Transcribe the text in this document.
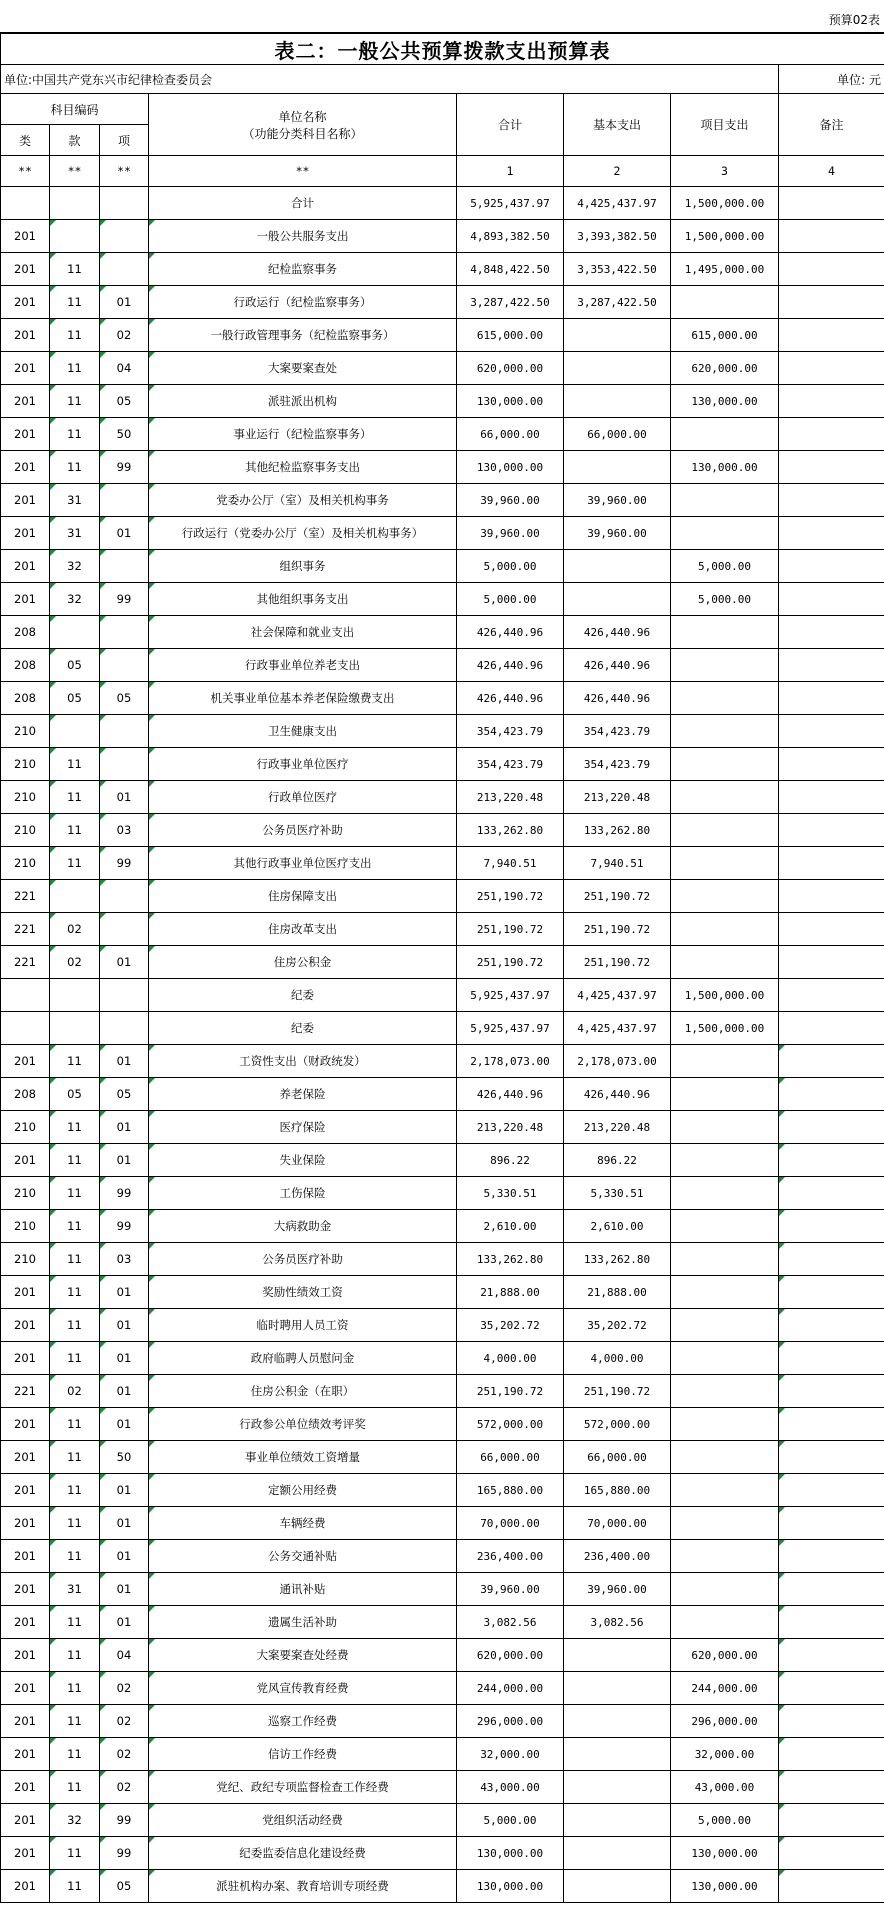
预算02表
表二：一般公共预算拨款支出预算表							
单位:中国共产党东兴市纪律检查委员会							单位: 元
科目编码			单位名称
（功能分类科目名称）	合计	基本支出	项目支出	备注
类	款	项					
**	**	**	**	1	2	3	4
			合计	5,925,437.97	4,425,437.97	1,500,000.00	
201			一般公共服务支出	4,893,382.50	3,393,382.50	1,500,000.00	
201	11		纪检监察事务	4,848,422.50	3,353,422.50	1,495,000.00	
201	11	01	行政运行（纪检监察事务）	3,287,422.50	3,287,422.50		
201	11	02	一般行政管理事务（纪检监察事务）	615,000.00		615,000.00	
201	11	04	大案要案查处	620,000.00		620,000.00	
201	11	05	派驻派出机构	130,000.00		130,000.00	
201	11	50	事业运行（纪检监察事务）	66,000.00	66,000.00		
201	11	99	其他纪检监察事务支出	130,000.00		130,000.00	
201	31		党委办公厅（室）及相关机构事务	39,960.00	39,960.00		
201	31	01	行政运行（党委办公厅（室）及相关机构事务）	39,960.00	39,960.00		
201	32		组织事务	5,000.00		5,000.00	
201	32	99	其他组织事务支出	5,000.00		5,000.00	
208			社会保障和就业支出	426,440.96	426,440.96		
208	05		行政事业单位养老支出	426,440.96	426,440.96		
208	05	05	机关事业单位基本养老保险缴费支出	426,440.96	426,440.96		
210			卫生健康支出	354,423.79	354,423.79		
210	11		行政事业单位医疗	354,423.79	354,423.79		
210	11	01	行政单位医疗	213,220.48	213,220.48		
210	11	03	公务员医疗补助	133,262.80	133,262.80		
210	11	99	其他行政事业单位医疗支出	7,940.51	7,940.51		
221			住房保障支出	251,190.72	251,190.72		
221	02		住房改革支出	251,190.72	251,190.72		
221	02	01	住房公积金	251,190.72	251,190.72		
			纪委	5,925,437.97	4,425,437.97	1,500,000.00	
			纪委	5,925,437.97	4,425,437.97	1,500,000.00	
201	11	01	工资性支出（财政统发）	2,178,073.00	2,178,073.00		
208	05	05	养老保险	426,440.96	426,440.96		
210	11	01	医疗保险	213,220.48	213,220.48		
201	11	01	失业保险	896.22	896.22		
210	11	99	工伤保险	5,330.51	5,330.51		
210	11	99	大病救助金	2,610.00	2,610.00		
210	11	03	公务员医疗补助	133,262.80	133,262.80		
201	11	01	奖励性绩效工资	21,888.00	21,888.00		
201	11	01	临时聘用人员工资	35,202.72	35,202.72		
201	11	01	政府临聘人员慰问金	4,000.00	4,000.00		
221	02	01	住房公积金（在职）	251,190.72	251,190.72		
201	11	01	行政参公单位绩效考评奖	572,000.00	572,000.00		
201	11	50	事业单位绩效工资增量	66,000.00	66,000.00		
201	11	01	定额公用经费	165,880.00	165,880.00		
201	11	01	车辆经费	70,000.00	70,000.00		
201	11	01	公务交通补贴	236,400.00	236,400.00		
201	31	01	通讯补贴	39,960.00	39,960.00		
201	11	01	遗属生活补助	3,082.56	3,082.56		
201	11	04	大案要案查处经费	620,000.00		620,000.00	
201	11	02	党风宣传教育经费	244,000.00		244,000.00	
201	11	02	巡察工作经费	296,000.00		296,000.00	
201	11	02	信访工作经费	32,000.00		32,000.00	
201	11	02	党纪、政纪专项监督检查工作经费	43,000.00		43,000.00	
201	32	99	党组织活动经费	5,000.00		5,000.00	
201	11	99	纪委监委信息化建设经费	130,000.00		130,000.00	
201	11	05	派驻机构办案、教育培训专项经费	130,000.00		130,000.00	
